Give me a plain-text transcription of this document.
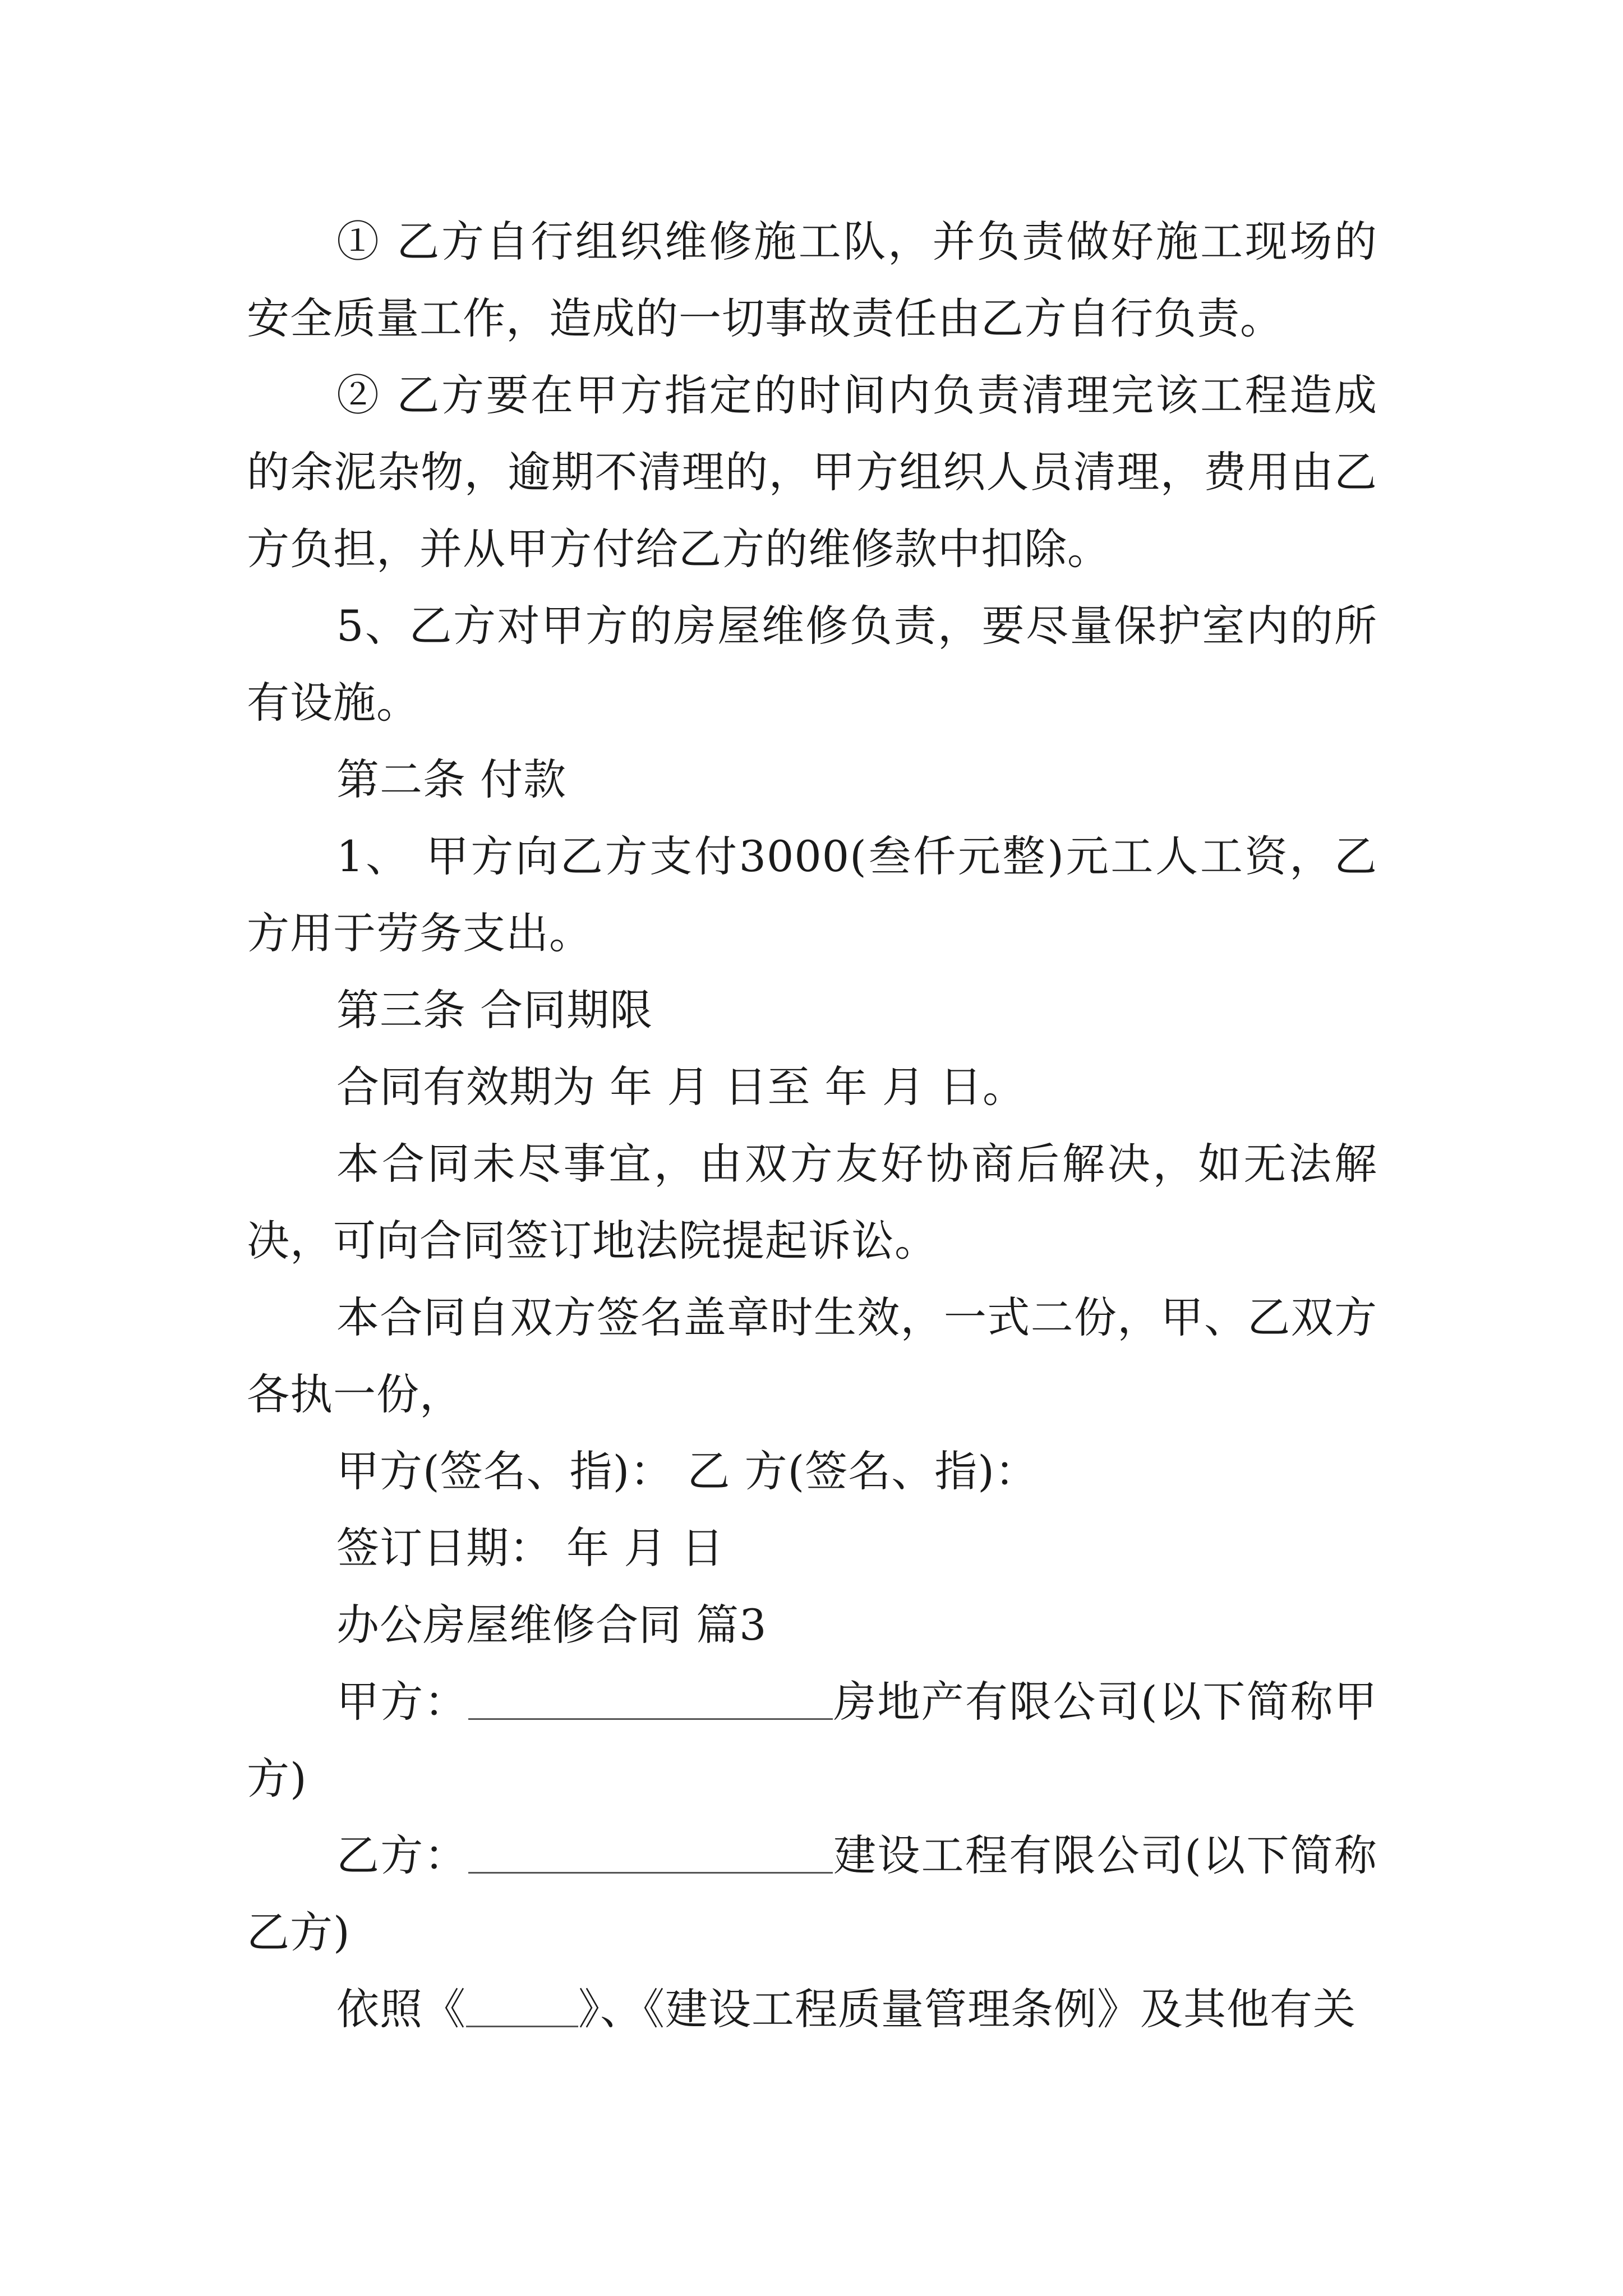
① 乙方自行组织维修施工队，并负责做好施工现场的安全质量工作，造成的一切事故责任由乙方自行负责。

② 乙方要在甲方指定的时间内负责清理完该工程造成的余泥杂物，逾期不清理的，甲方组织人员清理，费用由乙方负担，并从甲方付给乙方的维修款中扣除。

5、乙方对甲方的房屋维修负责，要尽量保护室内的所有设施。

第二条 付款

1、 甲方向乙方支付3000(叁仟元整)元工人工资，乙方用于劳务支出。

第三条 合同期限

合同有效期为 年 月 日至 年 月 日。

本合同未尽事宜，由双方友好协商后解决，如无法解决，可向合同签订地法院提起诉讼。

本合同自双方签名盖章时生效，一式二份，甲、乙双方各执一份，

甲方(签名、指)： 乙 方(签名、指)：

签订日期： 年 月 日

办公房屋维修合同 篇3

甲方：	房地产有限公司(以下简称甲方)

乙方：	建设工程有限公司(以下简称乙方)

依照《	》、《建设工程质量管理条例》及其他有关
